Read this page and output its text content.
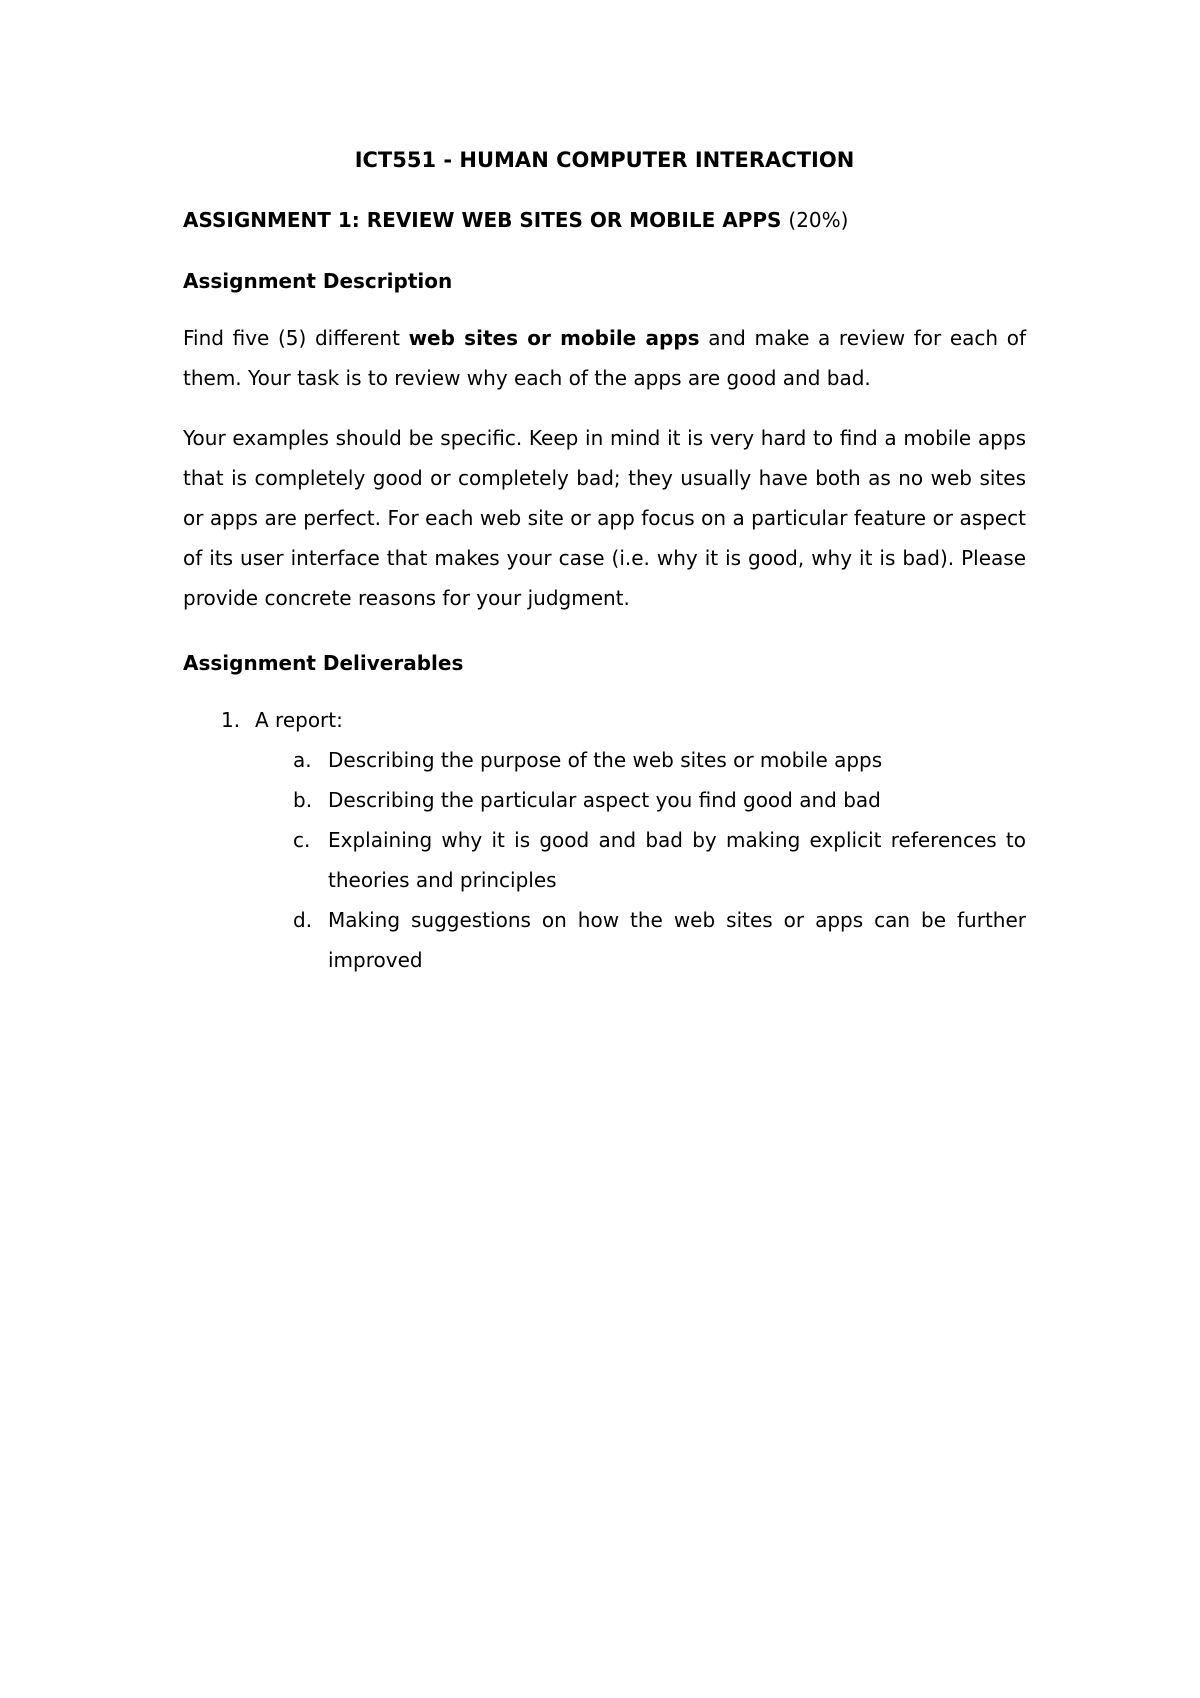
ICT551 - HUMAN COMPUTER INTERACTION
ASSIGNMENT 1: REVIEW WEB SITES OR MOBILE APPS (20%)
Assignment Description

Find five (5) different web sites or mobile apps and make a review for each of them. Your task is to review why each of the apps are good and bad.

Your examples should be specific. Keep in mind it is very hard to find a mobile apps that is completely good or completely bad; they usually have both as no web sites or apps are perfect. For each web site or app focus on a particular feature or aspect of its user interface that makes your case (i.e. why it is good, why it is bad). Please provide concrete reasons for your judgment.

Assignment Deliverables
1. A report:
a. Describing the purpose of the web sites or mobile apps
b. Describing the particular aspect you find good and bad
c. Explaining why it is good and bad by making explicit references to theories and principles
d. Making suggestions on how the web sites or apps can be further improved
